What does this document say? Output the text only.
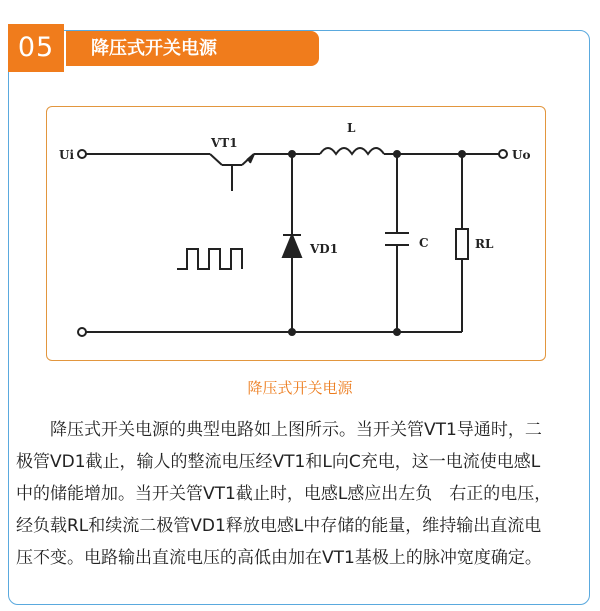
05	降压式开关电源
Ui	Uo
VT1
L
VD1	C	RL
降压式开关电源
降压式开关电源的典型电路如上图所示。当开关管VT1导通时，二
极管VD1截止，输人的整流电压经VT1和L向C充电，这一电流使电感L
中的储能增加。当开关管VT1截止时，电感L感应出左负　右正的电压，
经负载RL和续流二极管VD1释放电感L中存储的能量，维持输出直流电
压不变。电路输出直流电压的高低由加在VT1基极上的脉冲宽度确定。
